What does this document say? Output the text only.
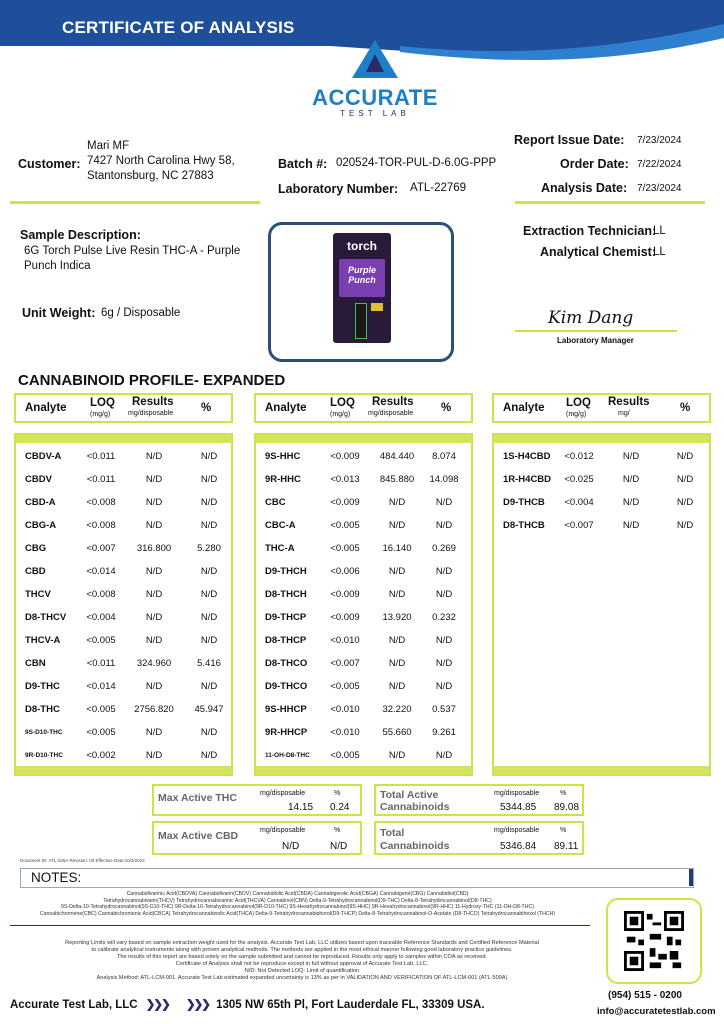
CERTIFICATE OF ANALYSIS
ACCURATE
TEST LAB
Customer:
Mari MF
7427 North Carolina Hwy 58,
Stantonsburg, NC 27883
Batch #: 020524-TOR-PUL-D-6.0G-PPP
Laboratory Number: ATL-22769
Report Issue Date: 7/23/2024
Order Date: 7/22/2024
Analysis Date: 7/23/2024
Sample Description:
6G Torch Pulse Live Resin THC-A - Purple
Punch Indica
Unit Weight: 6g / Disposable
torch
Purple
Punch
Extraction Technician:
LL
Analytical Chemist:
LL
Kim Dang
Laboratory Manager
CANNABINOID PROFILE- EXPANDED
Analyte LOQ
(mg/g)
Results
mg/disposable %	Analyte LOQ
(mg/g)
Results
mg/disposable %	Analyte LOQ
(mg/g)
Results
mg/	%
CBDV-A	<0.011	N/D	N/D
CBDV	<0.011	N/D	N/D
CBD-A	<0.008	N/D	N/D
CBG-A	<0.008	N/D	N/D
CBG	<0.007	316.800	5.280
CBD	<0.014	N/D	N/D
THCV	<0.008	N/D	N/D
D8-THCV	<0.004	N/D	N/D
THCV-A	<0.005	N/D	N/D
CBN	<0.011	324.960	5.416
D9-THC	<0.014	N/D	N/D
D8-THC	<0.005	2756.820	45.947
9S-D10-THC	<0.005	N/D	N/D
9R-D10-THC	<0.002	N/D	N/D
9S-HHC	<0.009	484.440	8.074
9R-HHC	<0.013	845.880	14.098
CBC	<0.009	N/D	N/D
CBC-A	<0.005	N/D	N/D
THC-A	<0.005	16.140	0.269
D9-THCH	<0.006	N/D	N/D
D8-THCH	<0.009	N/D	N/D
D9-THCP	<0.009	13.920	0.232
D8-THCP	<0.010	N/D	N/D
D8-THCO	<0.007	N/D	N/D
D9-THCO	<0.005	N/D	N/D
9S-HHCP	<0.010	32.220	0.537
9R-HHCP	<0.010	55.660	9.261
11-OH-D8-THC	<0.005	N/D	N/D
1S-H4CBD	<0.012	N/D	N/D
1R-H4CBD	<0.025	N/D	N/D
D9-THCB	<0.004	N/D	N/D
D8-THCB	<0.007	N/D	N/D
Max Active THC	mg/disposable	%
14.15 0.24
Max Active CBD	mg/disposable	%
N/D	N/D
Total Active
Cannabinoids
mg/disposable	%
5344.85 89.08
Total
Cannabinoids
mg/disposable	%
5346.84 89.11
Document ID: ATL-226A Revision: 03 Effective Date:10/3/2023
NOTES:
Cannabidivarinic Acid(CBDVA) Cannabidivarin(CBDV) Cannabidiolic Acid(CBDA) Cannabigerolic Acid(CBGA) Cannabigerol(CBG) Cannabidiol(CBD)
Tetrahydrocannabivarin(THCV) Tetrahydrocannabivarinic Acid(THCVA) Cannabinol(CBN) Delta-9-Tetrahydrocannabinol(D9-THC) Delta-8-Tetrahydrocannabinol(D8-THC)
9S-Delta-10-Tetrahydrocannabinol(9S-D10-THC) 9R-Delta-10-Tetrahydrocannabinol(9R-D10-THC) 9S-Hexahydrocannabinol(9S-HHC) 9R-Hexahydrocannabinol(9R-HHC) 11-Hydroxy-THC (11-OH-D8-THC)
Cannabichromene(CBC) Cannabichromenic Acid(CBCA) Tetrahydrocannabinolic Acid(THCA) Delta-9-Tetrahydrocannabiphorol(D9-THCP) Delta-8-Tetrahydrocannabinol-O-Acetate (D8-THCO) Tetrahydrocannabihexol (THCH)
Reporting Limits will vary based on sample extraction weight used for the analysis. Accurate Test Lab, LLC utilizes based upon traceable Reference Standards and Certified Reference Material
to calibrate analytical instruments along with proven analytical methods. The methods are applied in the most ethical manner following good laboratory practice guidelines.
The results of this report are based solely on the sample submitted and cannot be reproduced. Results only apply to samples within COA as received.
Certificate of Analysis shall not be reproduce except in full without approval of Accurate Test Lab, LLC.
N/D: Not Detected LOQ: Limit of quantification
Analysis Method: ATL-LCM-001. Accurate Test Lab estimated expanded uncertainty is 13% as per in VALIDATION AND VERIFICATION OF ATL-LCM-001 (ATL-500A)
Accurate Test Lab, LLC ❯❯❯ ❯❯❯ 1305 NW 65th Pl, Fort Lauderdale FL, 33309 USA.
(954) 515 - 0200
info@accuratetestlab.com
